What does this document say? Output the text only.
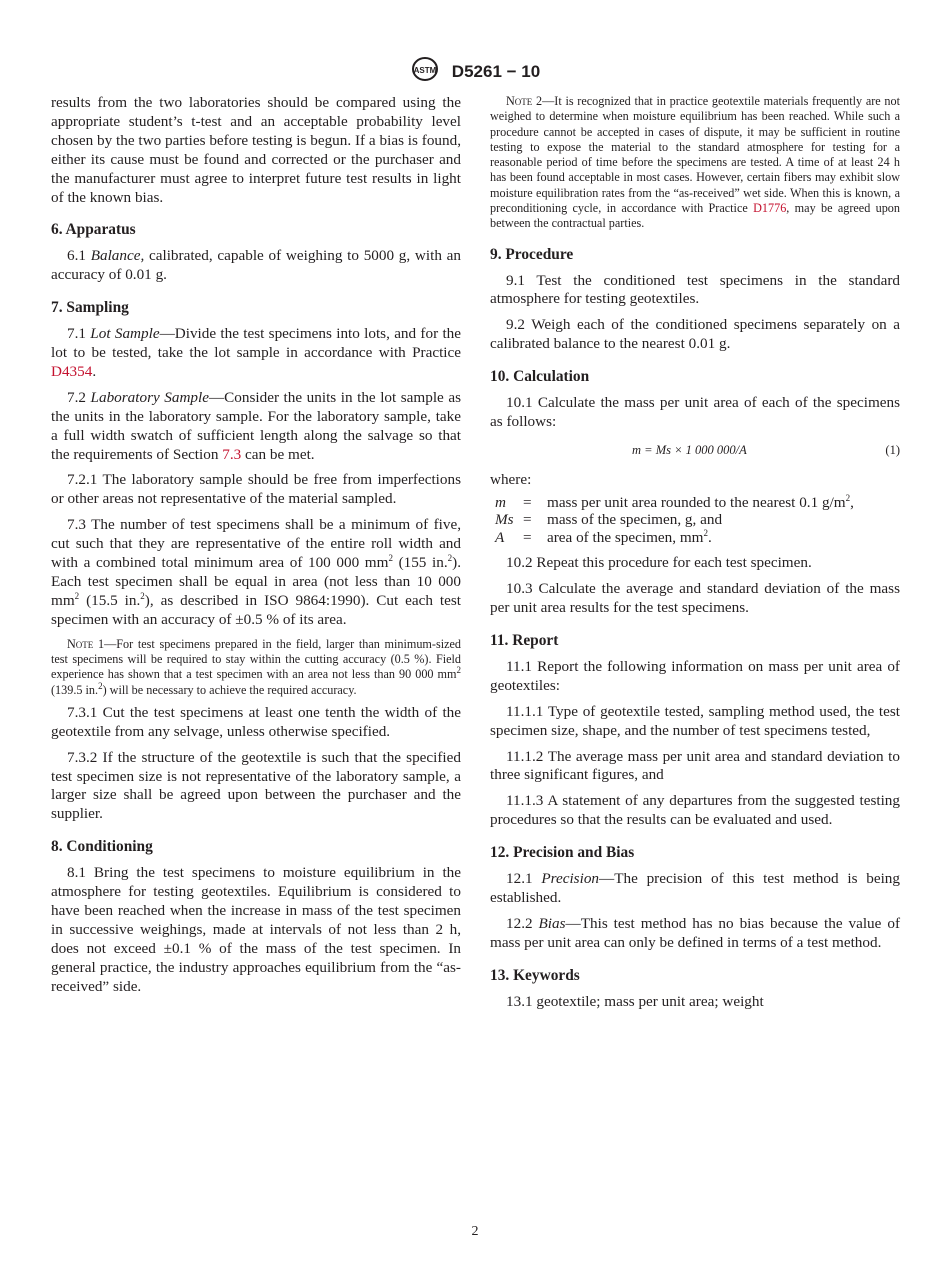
ASTM D5261 − 10

results from the two laboratories should be compared using the appropriate student’s t-test and an acceptable probability level chosen by the two parties before testing is begun. If a bias is found, either its cause must be found and corrected or the purchaser and the manufacturer must agree to interpret future test results in light of the known bias.

6. Apparatus

6.1 Balance, calibrated, capable of weighing to 5000 g, with an accuracy of 0.01 g.

7. Sampling

7.1 Lot Sample—Divide the test specimens into lots, and for the lot to be tested, take the lot sample in accordance with Practice D4354.

7.2 Laboratory Sample—Consider the units in the lot sample as the units in the laboratory sample. For the laboratory sample, take a full width swatch of sufficient length along the salvage so that the requirements of Section 7.3 can be met.

7.2.1 The laboratory sample should be free from imperfections or other areas not representative of the material sampled.

7.3 The number of test specimens shall be a minimum of five, cut such that they are representative of the entire roll width and with a combined total minimum area of 100 000 $mm^2$ (155 in.$^2$). Each test specimen shall be equal in area (not less than 10 000 $mm^2$ (15.5 in.$^2$), as described in ISO 9864:1990). Cut each test specimen with an accuracy of ±0.5 % of its area.

Note 1—For test specimens prepared in the field, larger than minimum-sized test specimens will be required to stay within the cutting accuracy (0.5 %). Field experience has shown that a test specimen with an area not less than 90 000 $mm^2$ (139.5 in.$^2$) will be necessary to achieve the required accuracy.

7.3.1 Cut the test specimens at least one tenth the width of the geotextile from any selvage, unless otherwise specified.

7.3.2 If the structure of the geotextile is such that the specified test specimen size is not representative of the laboratory sample, a larger size shall be agreed upon between the purchaser and the supplier.

8. Conditioning

8.1 Bring the test specimens to moisture equilibrium in the atmosphere for testing geotextiles. Equilibrium is considered to have been reached when the increase in mass of the test specimen in successive weighings, made at intervals of not less than 2 h, does not exceed ±0.1 % of the mass of the test specimen. In general practice, the industry approaches equilibrium from the “as-received” side.

Note 2—It is recognized that in practice geotextile materials frequently are not weighed to determine when moisture equilibrium has been reached. While such a procedure cannot be accepted in cases of dispute, it may be sufficient in routine testing to expose the material to the standard atmosphere for testing for a reasonable period of time before the specimens are tested. A time of at least 24 h has been found acceptable in most cases. However, certain fibers may exhibit slow moisture equilibration rates from the “as-received” wet side. When this is known, a preconditioning cycle, in accordance with Practice D1776, may be agreed upon between the contractual parties.
9. Procedure

9.1 Test the conditioned test specimens in the standard atmosphere for testing geotextiles.

9.2 Weigh each of the conditioned specimens separately on a calibrated balance to the nearest 0.01 g.

10. Calculation

10.1 Calculate the mass per unit area of each of the specimens as follows:

m = Ms × 1 000 000/A	(1)

where:

m	=	mass per unit area rounded to the nearest 0.1 $g/m^2$,
Ms =	mass of the specimen, g, and
A	=	area of the specimen, $mm^2$.

10.2 Repeat this procedure for each test specimen.

10.3 Calculate the average and standard deviation of the mass per unit area results for the test specimens.

11. Report

11.1 Report the following information on mass per unit area of geotextiles:

11.1.1 Type of geotextile tested, sampling method used, the test specimen size, shape, and the number of test specimens tested,

11.1.2 The average mass per unit area and standard deviation to three significant figures, and

11.1.3 A statement of any departures from the suggested testing procedures so that the results can be evaluated and used.

12. Precision and Bias

12.1 Precision—The precision of this test method is being established.

12.2 Bias—This test method has no bias because the value of mass per unit area can only be defined in terms of a test method.

13. Keywords

13.1 geotextile; mass per unit area; weight

2
